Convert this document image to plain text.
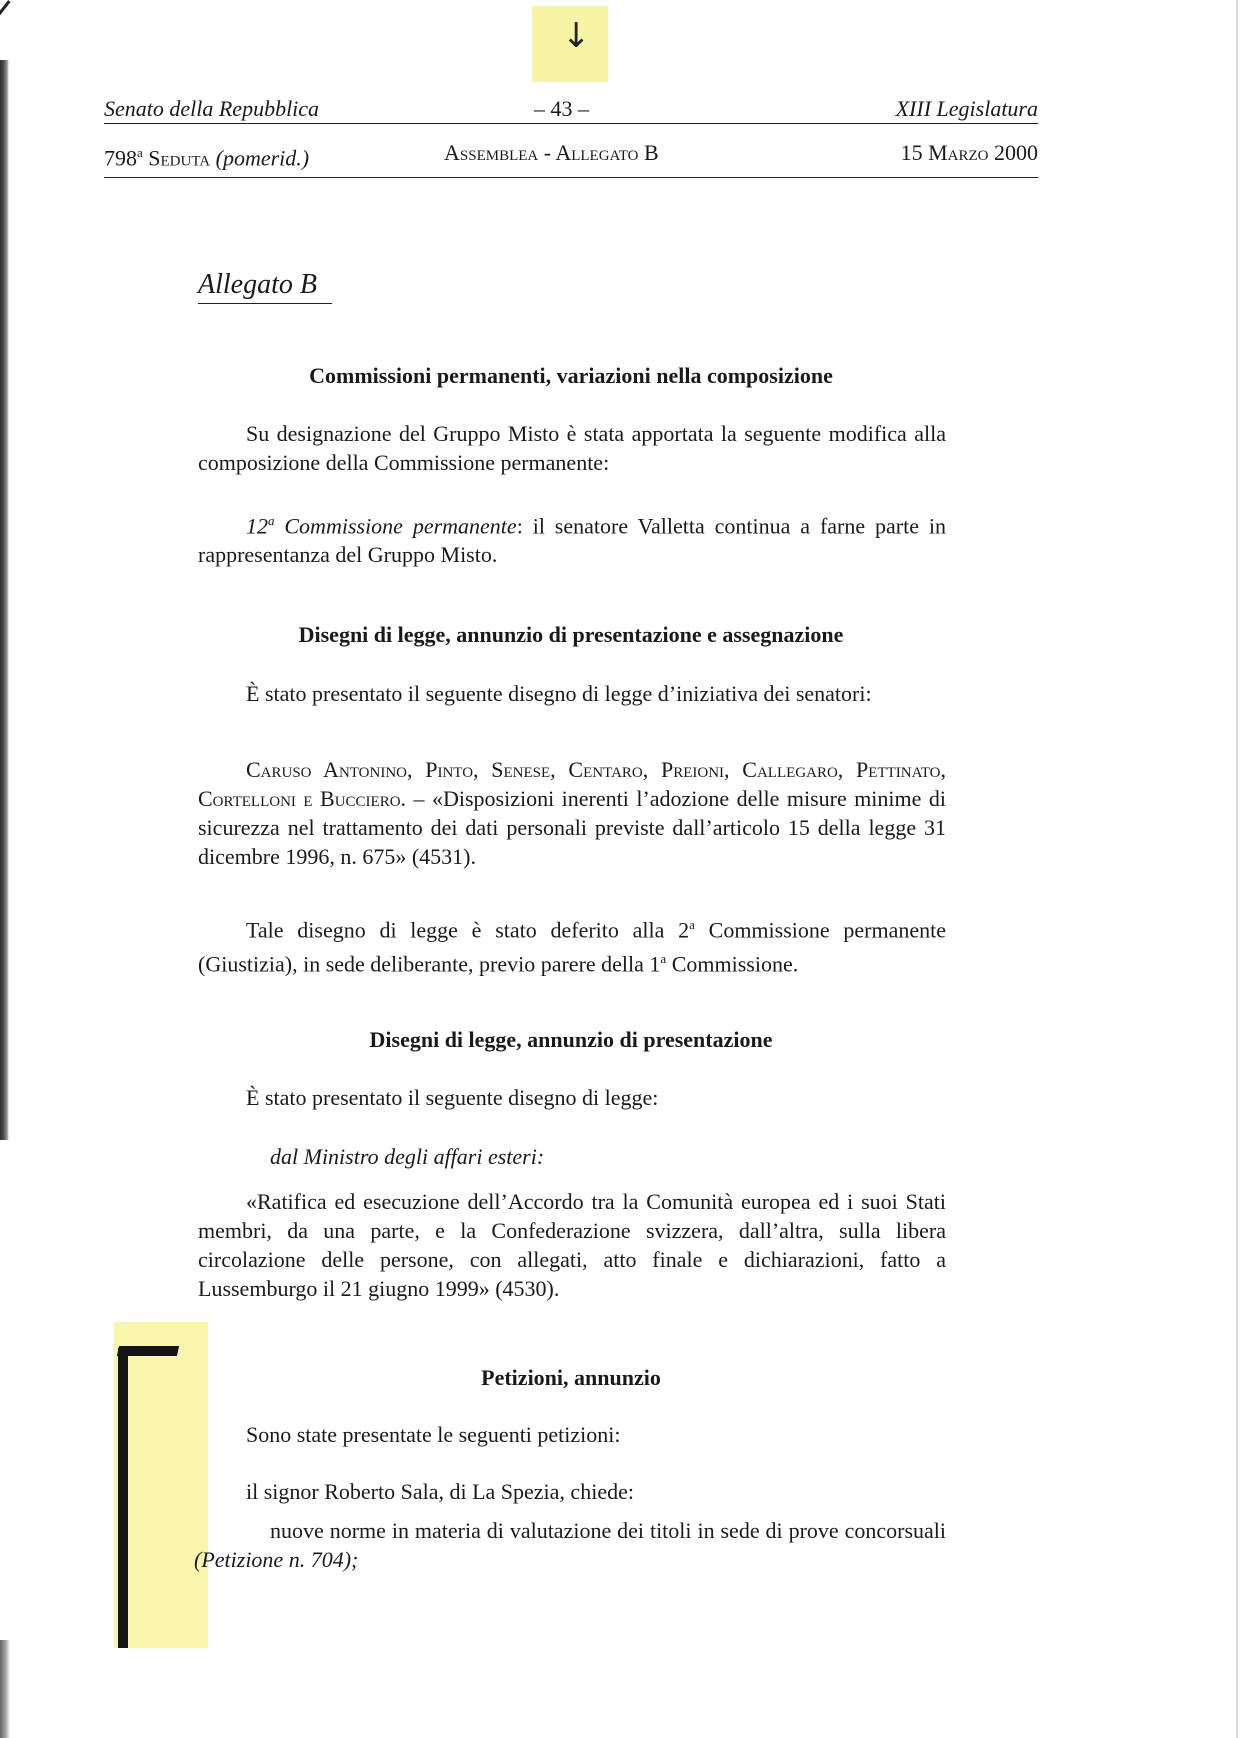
↓
Senato della Repubblica	– 43 –	XIII Legislatura
798$^a$ Seduta (pomerid.)	Assemblea - Allegato B	15 Marzo 2000
Allegato B
Commissioni permanenti, variazioni nella composizione
Su designazione del Gruppo Misto è stata apportata la seguente modifica alla composizione della Commissione permanente:
12$^a$ Commissione permanente: il senatore Valletta continua a farne parte in rappresentanza del Gruppo Misto.
Disegni di legge, annunzio di presentazione e assegnazione
È stato presentato il seguente disegno di legge d’iniziativa dei senatori:
Caruso Antonino, Pinto, Senese, Centaro, Preioni, Callegaro, Pettinato, Cortelloni e Bucciero. – «Disposizioni inerenti l’adozione delle misure minime di sicurezza nel trattamento dei dati personali previste dall’articolo 15 della legge 31 dicembre 1996, n. 675» (4531).
Tale disegno di legge è stato deferito alla 2$^a$ Commissione permanente (Giustizia), in sede deliberante, previo parere della 1$^a$ Commissione.
Disegni di legge, annunzio di presentazione
È stato presentato il seguente disegno di legge:
dal Ministro degli affari esteri:
«Ratifica ed esecuzione dell’Accordo tra la Comunità europea ed i suoi Stati membri, da una parte, e la Confederazione svizzera, dall’altra, sulla libera circolazione delle persone, con allegati, atto finale e dichiarazioni, fatto a Lussemburgo il 21 giugno 1999» (4530).
Petizioni, annunzio
Sono state presentate le seguenti petizioni:
il signor Roberto Sala, di La Spezia, chiede:
nuove norme in materia di valutazione dei titoli in sede di prove concorsuali (Petizione n. 704);
